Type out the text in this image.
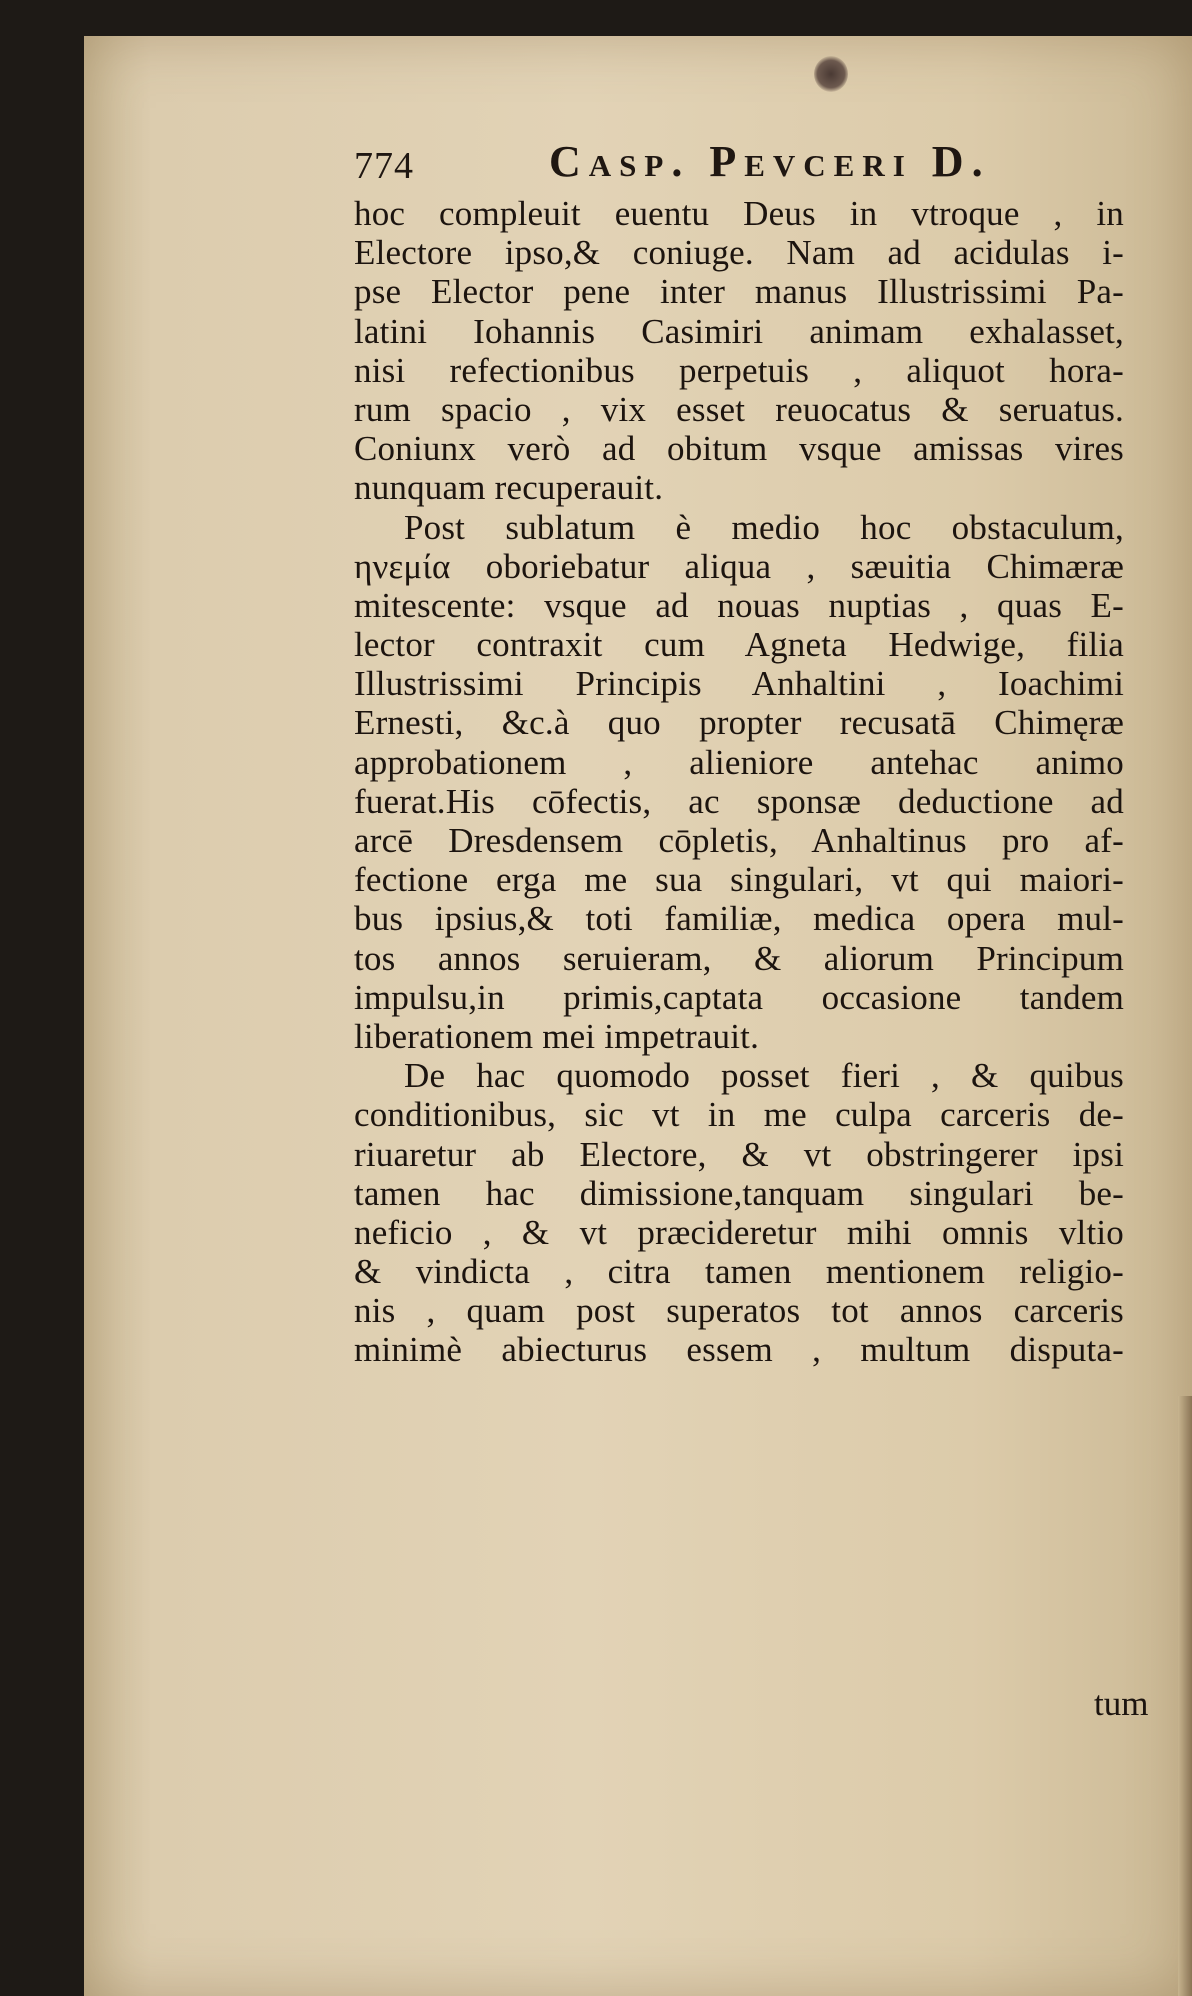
774	Casp. Pevceri D.
hoc compleuit euentu Deus in vtroque , in
Electore ipso,& coniuge. Nam ad acidulas i-
pse Elector pene inter manus Illustrissimi Pa-
latini Iohannis Casimiri animam exhalasset,
nisi refectionibus perpetuis , aliquot hora-
rum spacio , vix esset reuocatus & seruatus.
Coniunx verò ad obitum vsque amissas vires
nunquam recuperauit.
Post sublatum è medio hoc obstaculum,
ηνεμία oboriebatur aliqua , sæuitia Chimæræ
mitescente: vsque ad nouas nuptias , quas E-
lector contraxit cum Agneta Hedwige, filia
Illustrissimi Principis Anhaltini , Ioachimi
Ernesti, &c.à quo propter recusatā Chimęræ
approbationem , alieniore antehac animo
fuerat.His cōfectis, ac sponsæ deductione ad
arcē Dresdensem cōpletis, Anhaltinus pro af-
fectione erga me sua singulari, vt qui maiori-
bus ipsius,& toti familiæ, medica opera mul-
tos annos seruieram, & aliorum Principum
impulsu,in primis,captata occasione tandem
liberationem mei impetrauit.
De hac quomodo posset fieri , & quibus
conditionibus, sic vt in me culpa carceris de-
riuaretur ab Electore, & vt obstringerer ipsi
tamen hac dimissione,tanquam singulari be-
neficio , & vt præcideretur mihi omnis vltio
& vindicta , citra tamen mentionem religio-
nis , quam post superatos tot annos carceris
minimè abiecturus essem , multum disputa-
tum
